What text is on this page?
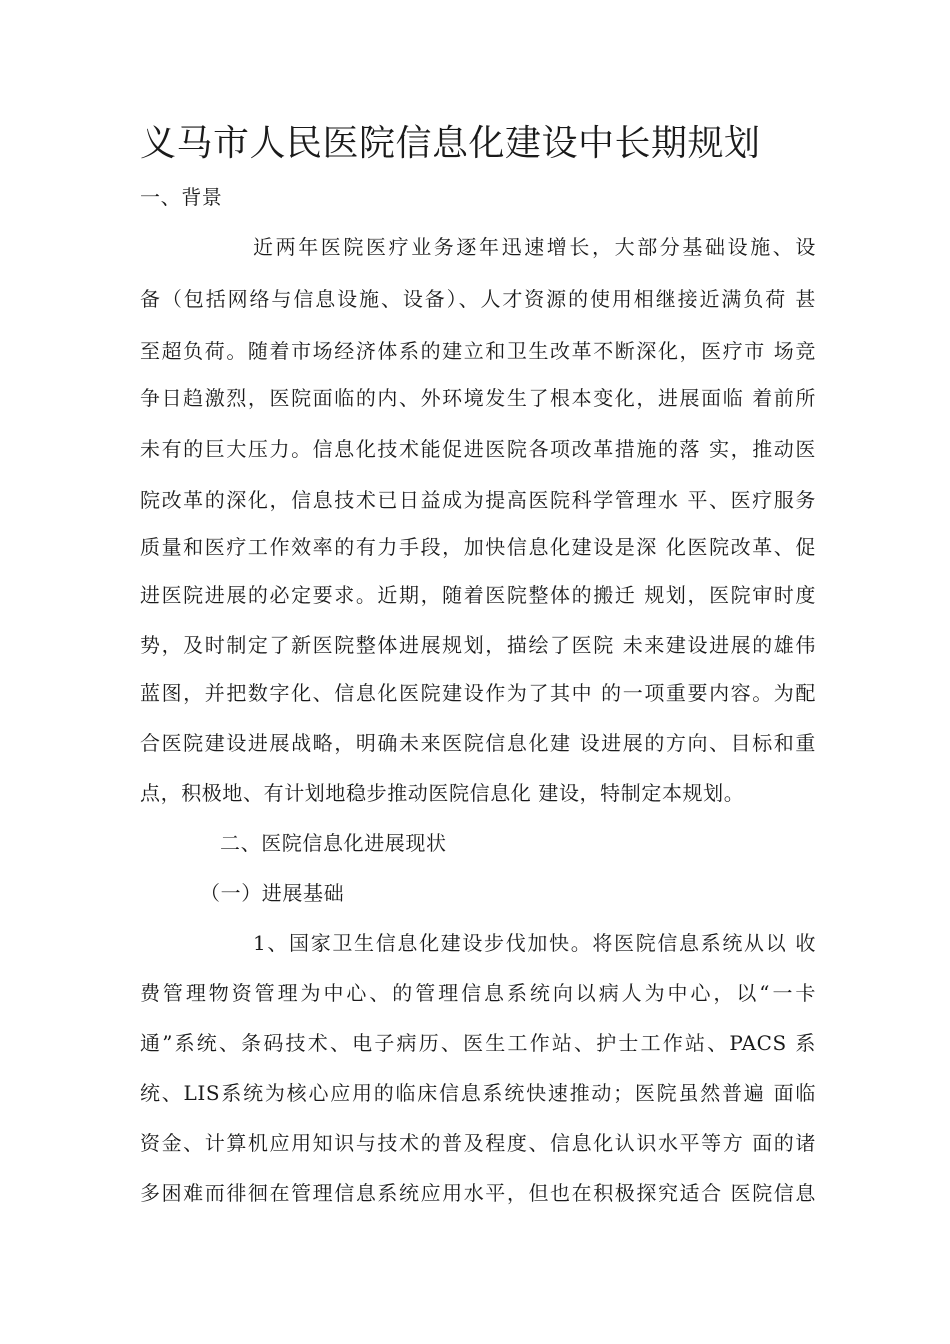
义马市人民医院信息化建设中长期规划

一、背景

近两年医院医疗业务逐年迅速增长，大部分基础设施、设

备（包括网络与信息设施、设备）、人才资源的使用相继接近满负荷 甚

至超负荷。随着市场经济体系的建立和卫生改革不断深化，医疗市 场竞

争日趋激烈，医院面临的内、外环境发生了根本变化，进展面临 着前所

未有的巨大压力。信息化技术能促进医院各项改革措施的落 实，推动医

院改革的深化，信息技术已日益成为提高医院科学管理水 平、医疗服务

质量和医疗工作效率的有力手段，加快信息化建设是深 化医院改革、促

进医院进展的必定要求。近期，随着医院整体的搬迁 规划，医院审时度

势，及时制定了新医院整体进展规划，描绘了医院 未来建设进展的雄伟

蓝图，并把数字化、信息化医院建设作为了其中 的一项重要内容。为配

合医院建设进展战略，明确未来医院信息化建 设进展的方向、目标和重

点，积极地、有计划地稳步推动医院信息化 建设，特制定本规划。

二、医院信息化进展现状

（一）进展基础

1、国家卫生信息化建设步伐加快。将医院信息系统从以 收

费管理物资管理为中心、的管理信息系统向以病人为中心，以“一卡

通”系统、条码技术、电子病历、医生工作站、护士工作站、PACS 系

统、LIS系统为核心应用的临床信息系统快速推动；医院虽然普遍 面临

资金、计算机应用知识与技术的普及程度、信息化认识水平等方 面的诸

多困难而徘徊在管理信息系统应用水平，但也在积极探究适合 医院信息
